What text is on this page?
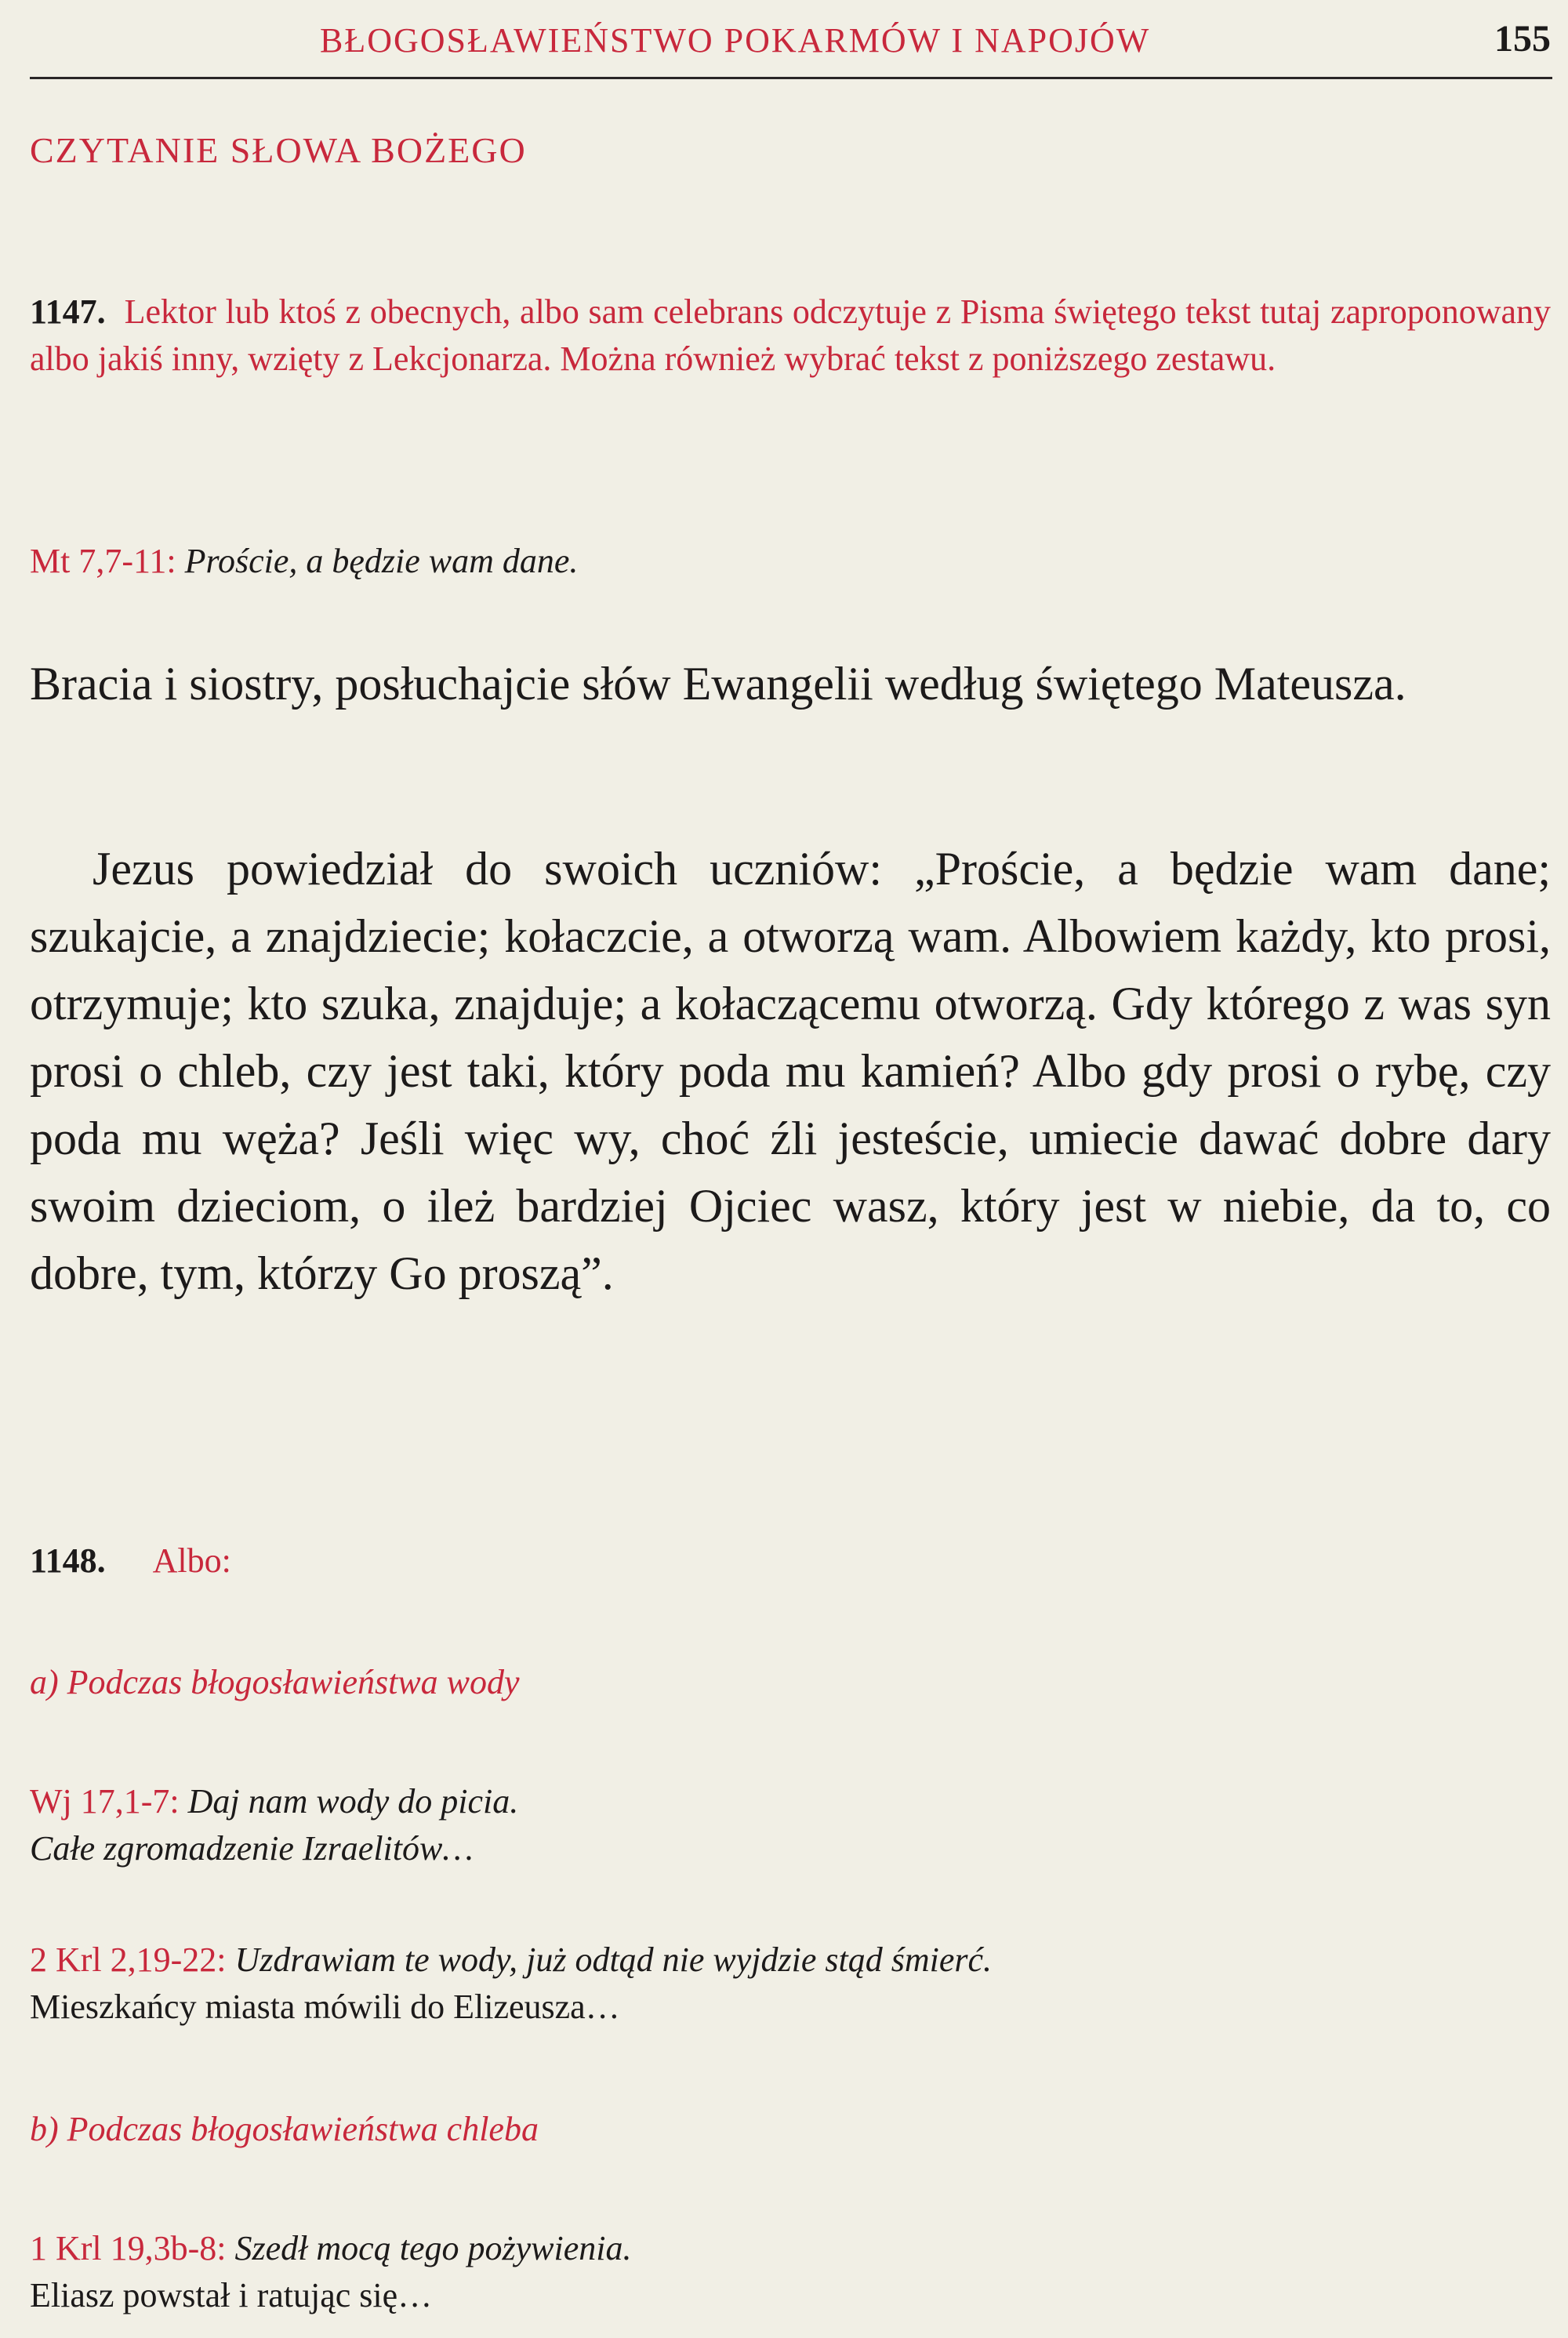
BŁOGOSŁAWIEŃSTWO POKARMÓW I NAPOJÓW	155
CZYTANIE SŁOWA BOŻEGO
1147. Lektor lub ktoś z obecnych, albo sam celebrans odczytuje z Pisma świętego tekst tutaj zaproponowany albo jakiś inny, wzięty z Lekcjonarza. Można również wybrać tekst z poniższego zestawu.
Mt 7,7-11: Proście, a będzie wam dane.
Bracia i siostry, posłuchajcie słów Ewangelii według świętego Mateusza.
Jezus powiedział do swoich uczniów: „Proście, a będzie wam dane; szukajcie, a znajdziecie; kołaczcie, a otworzą wam. Albowiem każdy, kto prosi, otrzymuje; kto szuka, znajduje; a kołaczącemu otworzą. Gdy którego z was syn prosi o chleb, czy jest taki, który poda mu kamień? Albo gdy prosi o rybę, czy poda mu węża? Jeśli więc wy, choć źli jesteście, umiecie dawać dobre dary swoim dzieciom, o ileż bardziej Ojciec wasz, który jest w niebie, da to, co dobre, tym, którzy Go proszą”.
1148. Albo:
a) Podczas błogosławieństwa wody
Wj 17,1-7: Daj nam wody do picia.
Całe zgromadzenie Izraelitów…
2 Krl 2,19-22: Uzdrawiam te wody, już odtąd nie wyjdzie stąd śmierć.
Mieszkańcy miasta mówili do Elizeusza…
b) Podczas błogosławieństwa chleba
1 Krl 19,3b-8: Szedł mocą tego pożywienia.
Eliasz powstał i ratując się…
